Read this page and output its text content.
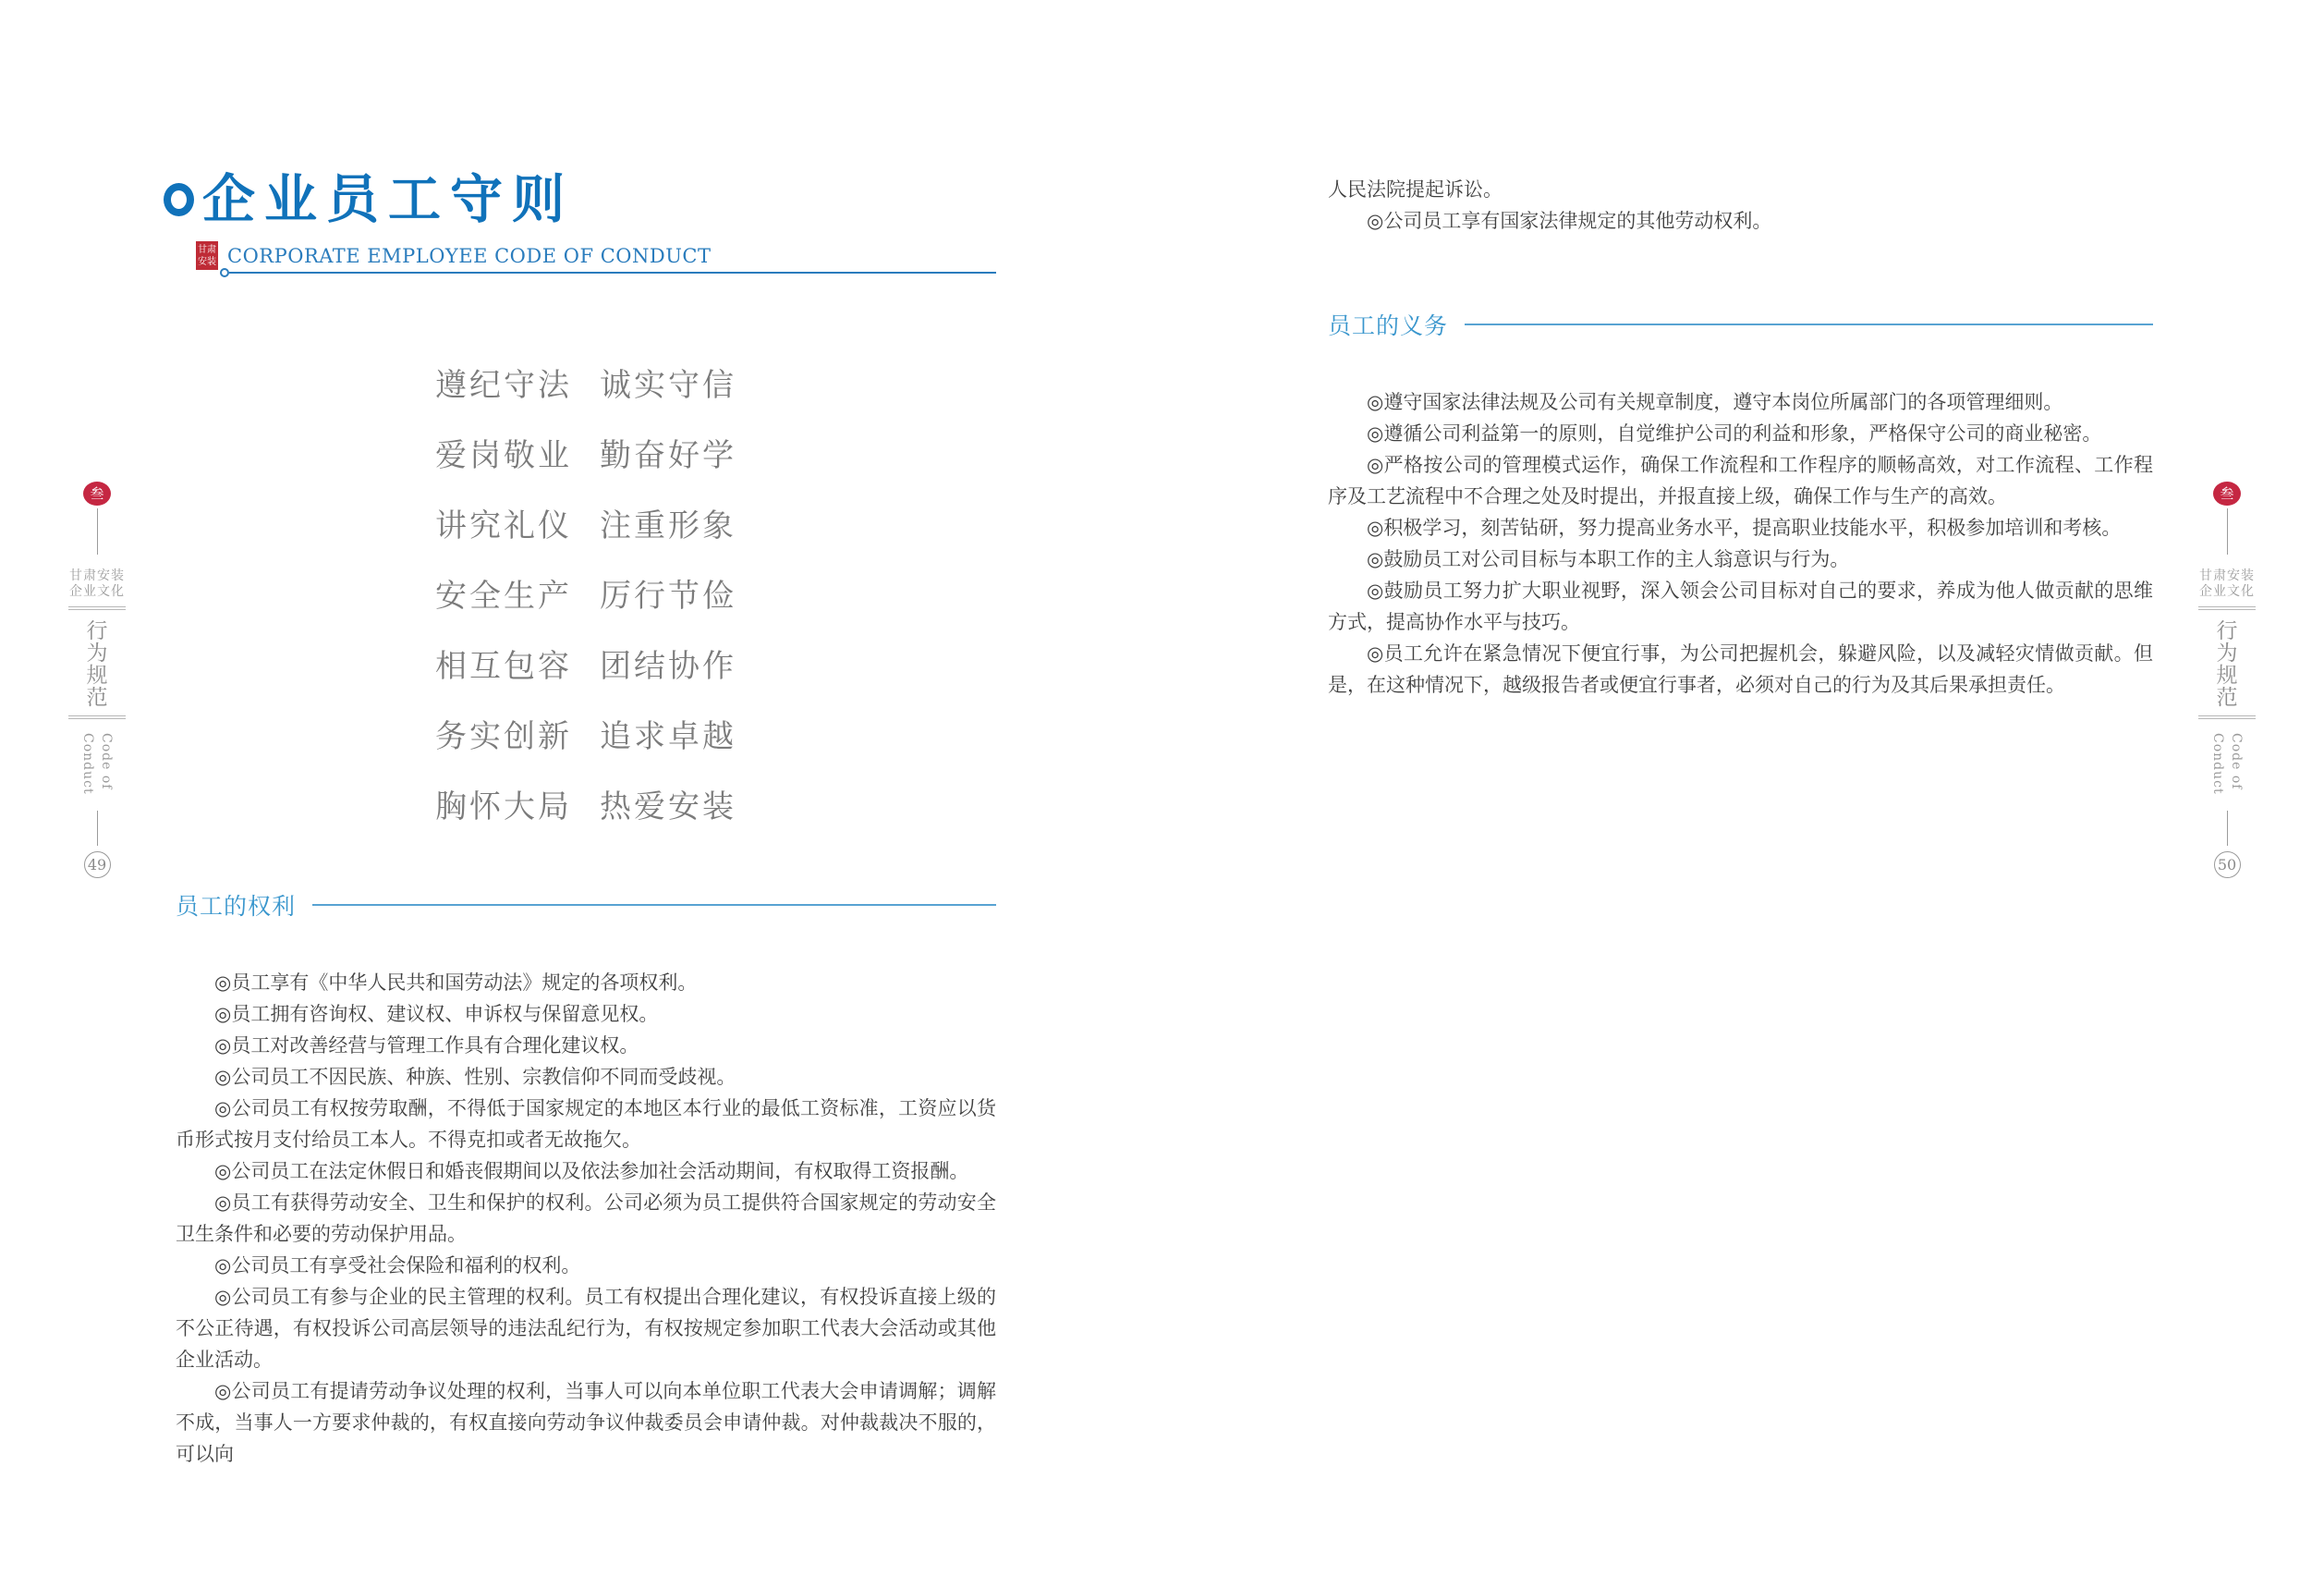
叁
甘肃安装
企业文化
行为
规范
Code of
Conduct
49
叁
甘肃安装
企业文化
行为
规范
Code of
Conduct
50
企业员工守则
甘肃
安装 CORPORATE EMPLOYEE CODE OF CONDUCT
遵纪守法 诚实守信
爱岗敬业 勤奋好学
讲究礼仪 注重形象
安全生产 厉行节俭
相互包容 团结协作
务实创新 追求卓越
胸怀大局 热爱安装
员工的权利

◎员工享有《中华人民共和国劳动法》规定的各项权利。

◎员工拥有咨询权、建议权、申诉权与保留意见权。

◎员工对改善经营与管理工作具有合理化建议权。

◎公司员工不因民族、种族、性别、宗教信仰不同而受歧视。

◎公司员工有权按劳取酬，不得低于国家规定的本地区本行业的最低工资标准，工资应以货币形式按月支付给员工本人。不得克扣或者无故拖欠。

◎公司员工在法定休假日和婚丧假期间以及依法参加社会活动期间，有权取得工资报酬。

◎员工有获得劳动安全、卫生和保护的权利。公司必须为员工提供符合国家规定的劳动安全卫生条件和必要的劳动保护用品。

◎公司员工有享受社会保险和福利的权利。

◎公司员工有参与企业的民主管理的权利。员工有权提出合理化建议，有权投诉直接上级的不公正待遇，有权投诉公司高层领导的违法乱纪行为，有权按规定参加职工代表大会活动或其他企业活动。

◎公司员工有提请劳动争议处理的权利，当事人可以向本单位职工代表大会申请调解；调解不成，当事人一方要求仲裁的，有权直接向劳动争议仲裁委员会申请仲裁。对仲裁裁决不服的，可以向

人民法院提起诉讼。

◎公司员工享有国家法律规定的其他劳动权利。

员工的义务

◎遵守国家法律法规及公司有关规章制度，遵守本岗位所属部门的各项管理细则。

◎遵循公司利益第一的原则，自觉维护公司的利益和形象，严格保守公司的商业秘密。

◎严格按公司的管理模式运作，确保工作流程和工作程序的顺畅高效，对工作流程、工作程序及工艺流程中不合理之处及时提出，并报直接上级，确保工作与生产的高效。

◎积极学习，刻苦钻研，努力提高业务水平，提高职业技能水平，积极参加培训和考核。

◎鼓励员工对公司目标与本职工作的主人翁意识与行为。

◎鼓励员工努力扩大职业视野，深入领会公司目标对自己的要求，养成为他人做贡献的思维方式，提高协作水平与技巧。

◎员工允许在紧急情况下便宜行事，为公司把握机会，躲避风险，以及减轻灾情做贡献。但是，在这种情况下，越级报告者或便宜行事者，必须对自己的行为及其后果承担责任。
